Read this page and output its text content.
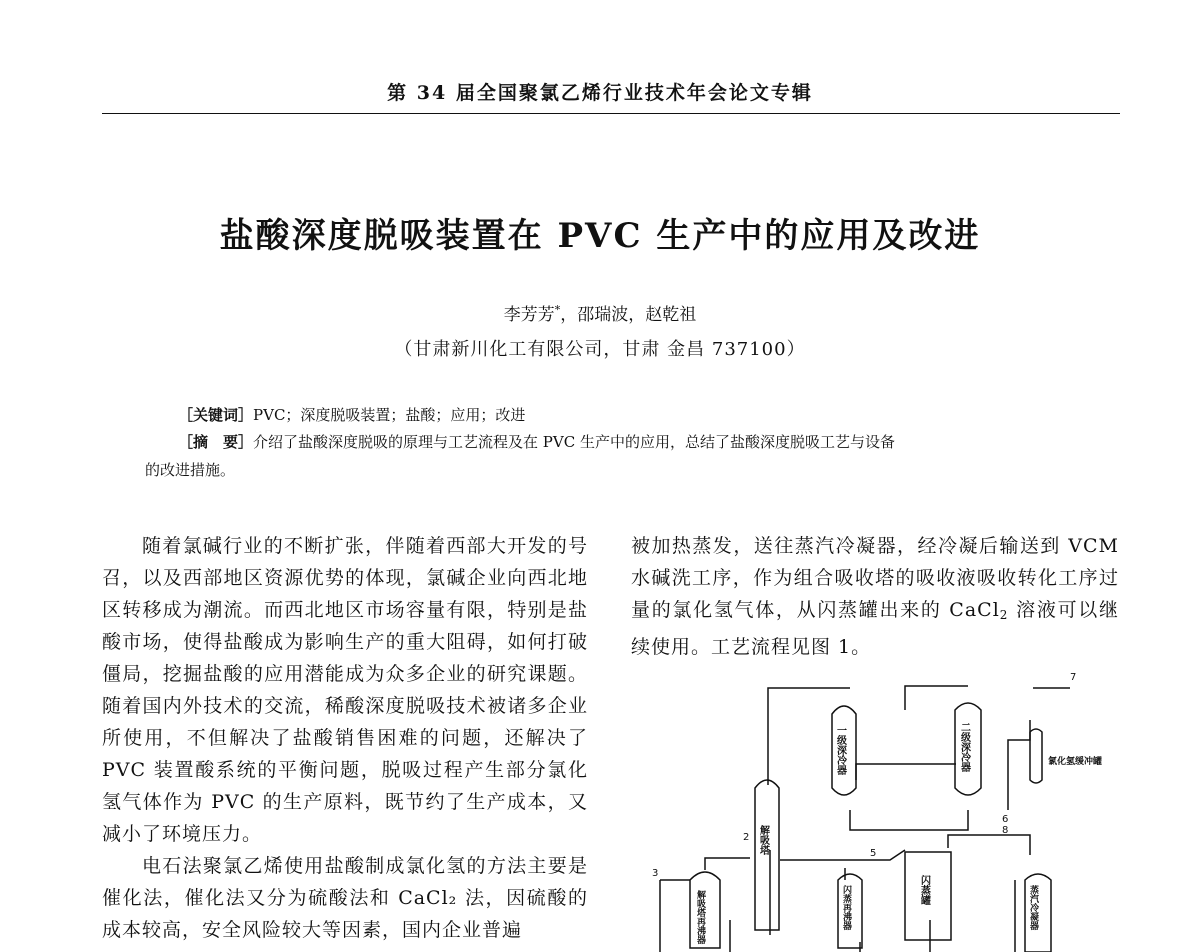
第 34 届全国聚氯乙烯行业技术年会论文专辑
盐酸深度脱吸装置在 PVC 生产中的应用及改进
李芳芳*，邵瑞波，赵乾祖
（甘肃新川化工有限公司，甘肃 金昌 737100）
［关键词］PVC；深度脱吸装置；盐酸；应用；改进
［摘　要］介绍了盐酸深度脱吸的原理与工艺流程及在 PVC 生产中的应用，总结了盐酸深度脱吸工艺与设备
的改进措施。

随着氯碱行业的不断扩张，伴随着西部大开发的号召，以及西部地区资源优势的体现，氯碱企业向西北地区转移成为潮流。而西北地区市场容量有限，特别是盐酸市场，使得盐酸成为影响生产的重大阻碍，如何打破僵局，挖掘盐酸的应用潜能成为众多企业的研究课题。随着国内外技术的交流，稀酸深度脱吸技术被诸多企业所使用，不但解决了盐酸销售困难的问题，还解决了 PVC 装置酸系统的平衡问题，脱吸过程产生部分氯化氢气体作为 PVC 的生产原料，既节约了生产成本，又减小了环境压力。

电石法聚氯乙烯使用盐酸制成氯化氢的方法主要是催化法，催化法又分为硫酸法和 CaCl₂ 法，因硫酸的成本较高，安全风险较大等因素，国内企业普遍

被加热蒸发，送往蒸汽冷凝器，经冷凝后输送到 VCM 水碱洗工序，作为组合吸收塔的吸收液吸收转化工序过量的氯化氢气体，从闪蒸罐出来的 CaCl$_2$ 溶液可以继续使用。工艺流程见图 1。

一级深冷器	二级深冷器	氯化氢缓冲罐
解吸塔
解吸塔再沸器	闪蒸再沸器	闪蒸罐	蒸汽冷凝器
7
6
2
8
5
3
